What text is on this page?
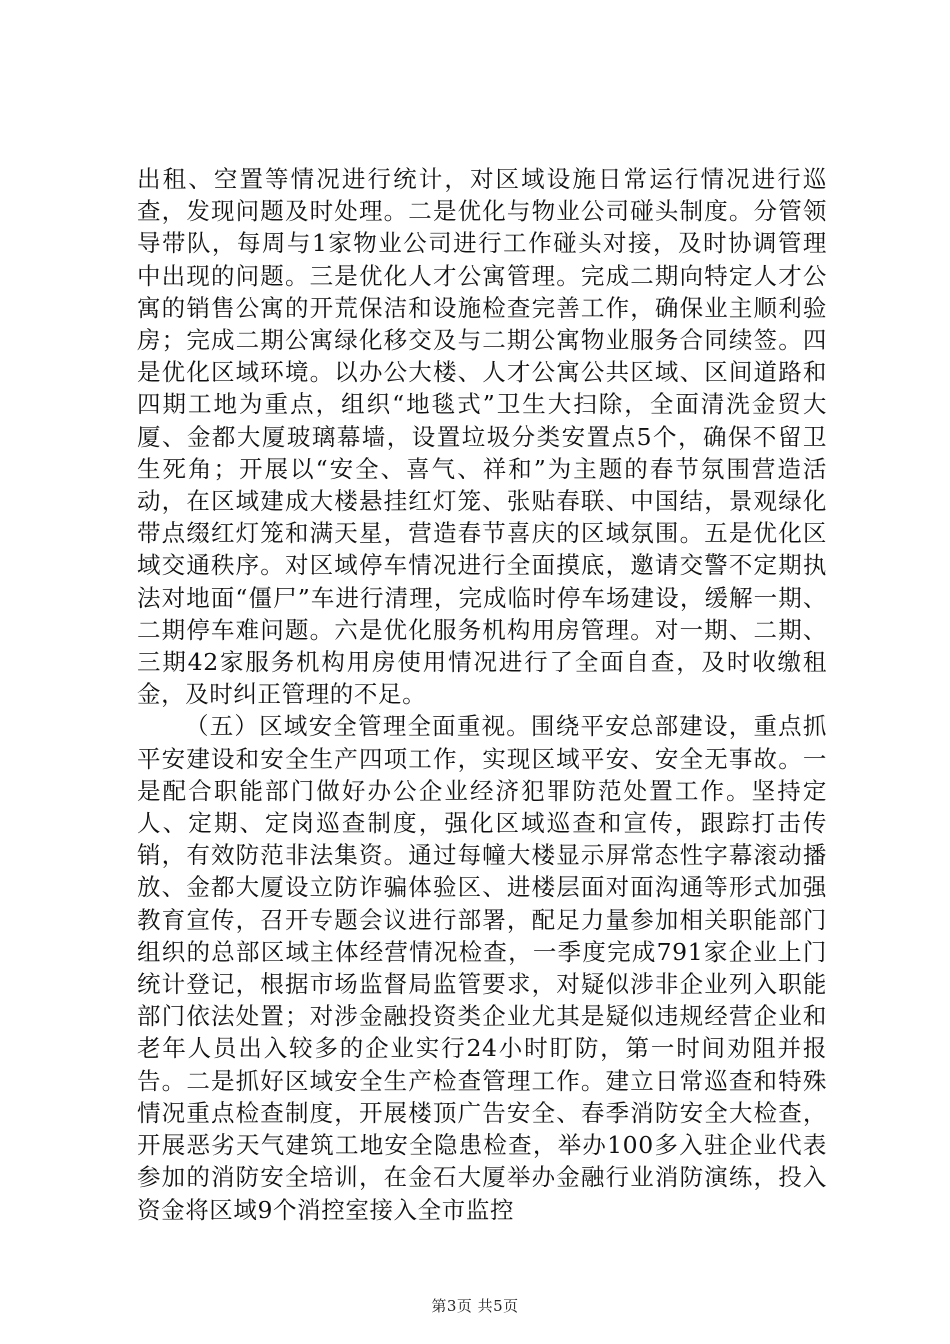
出租、空置等情况进行统计，对区域设施日常运行情况进行巡查，发现问题及时处理。二是优化与物业公司碰头制度。分管领导带队，每周与1家物业公司进行工作碰头对接，及时协调管理中出现的问题。三是优化人才公寓管理。完成二期向特定人才公寓的销售公寓的开荒保洁和设施检查完善工作，确保业主顺利验房；完成二期公寓绿化移交及与二期公寓物业服务合同续签。四是优化区域环境。以办公大楼、人才公寓公共区域、区间道路和四期工地为重点，组织“地毯式”卫生大扫除，全面清洗金贸大厦、金都大厦玻璃幕墙，设置垃圾分类安置点5个，确保不留卫生死角；开展以“安全、喜气、祥和”为主题的春节氛围营造活动，在区域建成大楼悬挂红灯笼、张贴春联、中国结，景观绿化带点缀红灯笼和满天星，营造春节喜庆的区域氛围。五是优化区域交通秩序。对区域停车情况进行全面摸底，邀请交警不定期执法对地面“僵尸”车进行清理，完成临时停车场建设，缓解一期、二期停车难问题。六是优化服务机构用房管理。对一期、二期、三期42家服务机构用房使用情况进行了全面自查，及时收缴租金，及时纠正管理的不足。

（五）区域安全管理全面重视。围绕平安总部建设，重点抓平安建设和安全生产四项工作，实现区域平安、安全无事故。一是配合职能部门做好办公企业经济犯罪防范处置工作。坚持定人、定期、定岗巡查制度，强化区域巡查和宣传，跟踪打击传销，有效防范非法集资。通过每幢大楼显示屏常态性字幕滚动播放、金都大厦设立防诈骗体验区、进楼层面对面沟通等形式加强教育宣传，召开专题会议进行部署，配足力量参加相关职能部门组织的总部区域主体经营情况检查，一季度完成791家企业上门统计登记，根据市场监督局监管要求，对疑似涉非企业列入职能部门依法处置；对涉金融投资类企业尤其是疑似违规经营企业和老年人员出入较多的企业实行24小时盯防，第一时间劝阻并报告。二是抓好区域安全生产检查管理工作。建立日常巡查和特殊情况重点检查制度，开展楼顶广告安全、春季消防安全大检查，开展恶劣天气建筑工地安全隐患检查，举办100多入驻企业代表参加的消防安全培训，在金石大厦举办金融行业消防演练，投入资金将区域9个消控室接入全市监控

第3页 共5页
